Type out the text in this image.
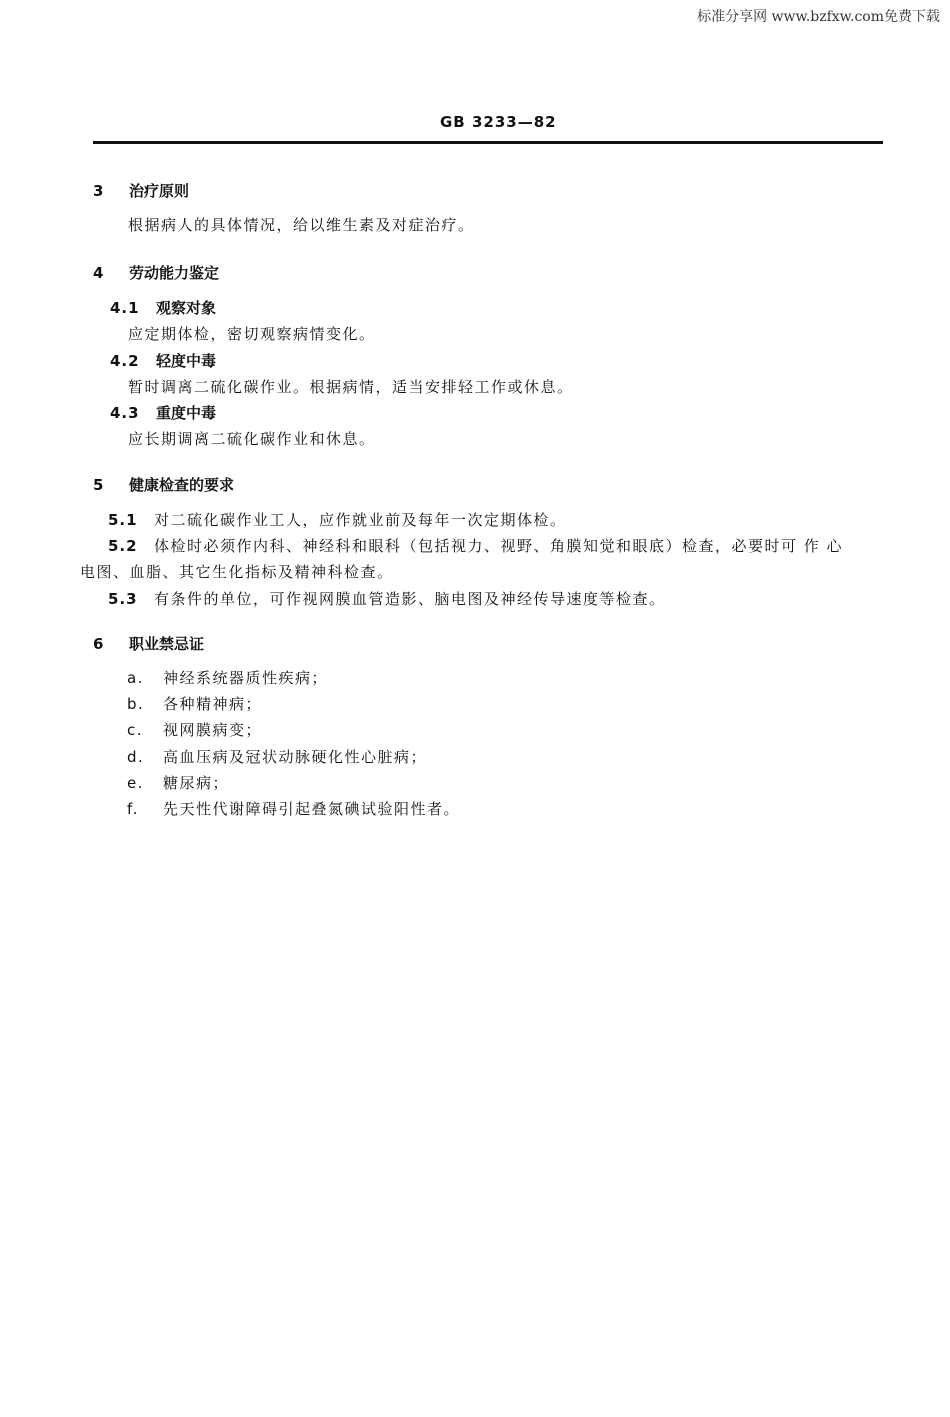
标准分享网 www.bzfxw.com免费下载
GB 3233—82
3 治疗原则
根据病人的具体情况，给以维生素及对症治疗。
4 劳动能力鉴定
4.1 观察对象
应定期体检，密切观察病情变化。
4.2 轻度中毒
暂时调离二硫化碳作业。根据病情，适当安排轻工作或休息。
4.3 重度中毒
应长期调离二硫化碳作业和休息。
5 健康检查的要求
5.1 对二硫化碳作业工人，应作就业前及每年一次定期体检。
5.2 体检时必须作内科、神经科和眼科（包括视力、视野、角膜知觉和眼底）检查，必要时可 作 心
电图、血脂、其它生化指标及精神科检查。
5.3 有条件的单位，可作视网膜血管造影、脑电图及神经传导速度等检查。
6 职业禁忌证
a. 神经系统器质性疾病；
b. 各种精神病；
c. 视网膜病变；
d. 高血压病及冠状动脉硬化性心脏病；
e. 糖尿病；
f. 先天性代谢障碍引起叠氮碘试验阳性者。
